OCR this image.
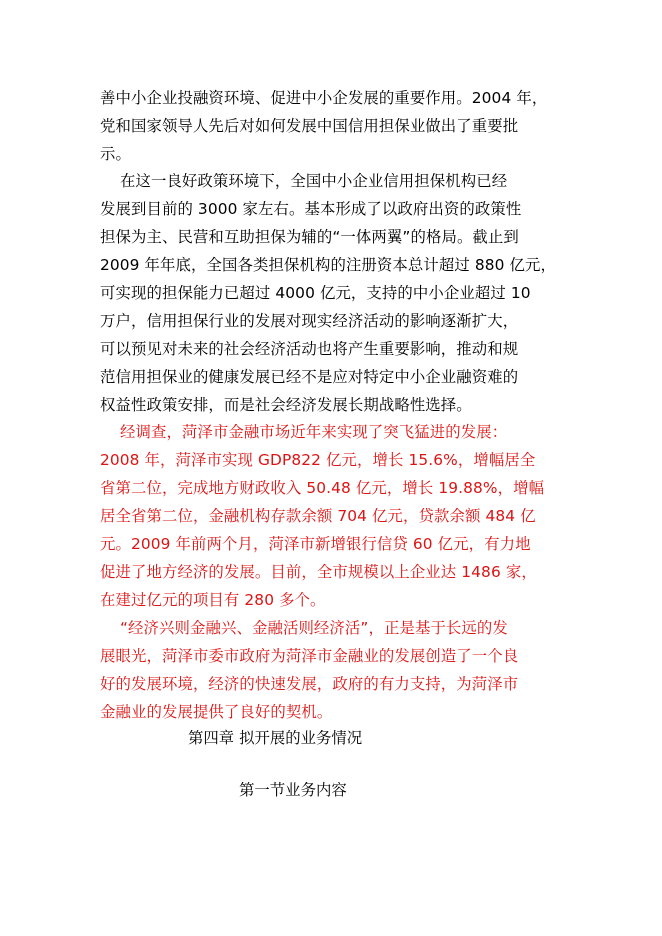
善中小企业投融资环境、促进中小企发展的重要作用。2004 年，
党和国家领导人先后对如何发展中国信用担保业做出了重要批
示。
在这一良好政策环境下，全国中小企业信用担保机构已经
发展到目前的 3000 家左右。基本形成了以政府出资的政策性
担保为主、民营和互助担保为辅的“一体两翼”的格局。截止到
2009 年年底，全国各类担保机构的注册资本总计超过 880 亿元，
可实现的担保能力已超过 4000 亿元，支持的中小企业超过 10
万户，信用担保行业的发展对现实经济活动的影响逐渐扩大，
可以预见对未来的社会经济活动也将产生重要影响，推动和规
范信用担保业的健康发展已经不是应对特定中小企业融资难的
权益性政策安排，而是社会经济发展长期战略性选择。
经调查，菏泽市金融市场近年来实现了突飞猛进的发展：
2008 年，菏泽市实现 GDP822 亿元，增长 15.6%，增幅居全
省第二位，完成地方财政收入 50.48 亿元，增长 19.88%，增幅
居全省第二位，金融机构存款余额 704 亿元，贷款余额 484 亿
元。2009 年前两个月，菏泽市新增银行信贷 60 亿元，有力地
促进了地方经济的发展。目前，全市规模以上企业达 1486 家，
在建过亿元的项目有 280 多个。
“经济兴则金融兴、金融活则经济活”，正是基于长远的发
展眼光，菏泽市委市政府为菏泽市金融业的发展创造了一个良
好的发展环境，经济的快速发展，政府的有力支持，为菏泽市
金融业的发展提供了良好的契机。
第四章 拟开展的业务情况
第一节业务内容
